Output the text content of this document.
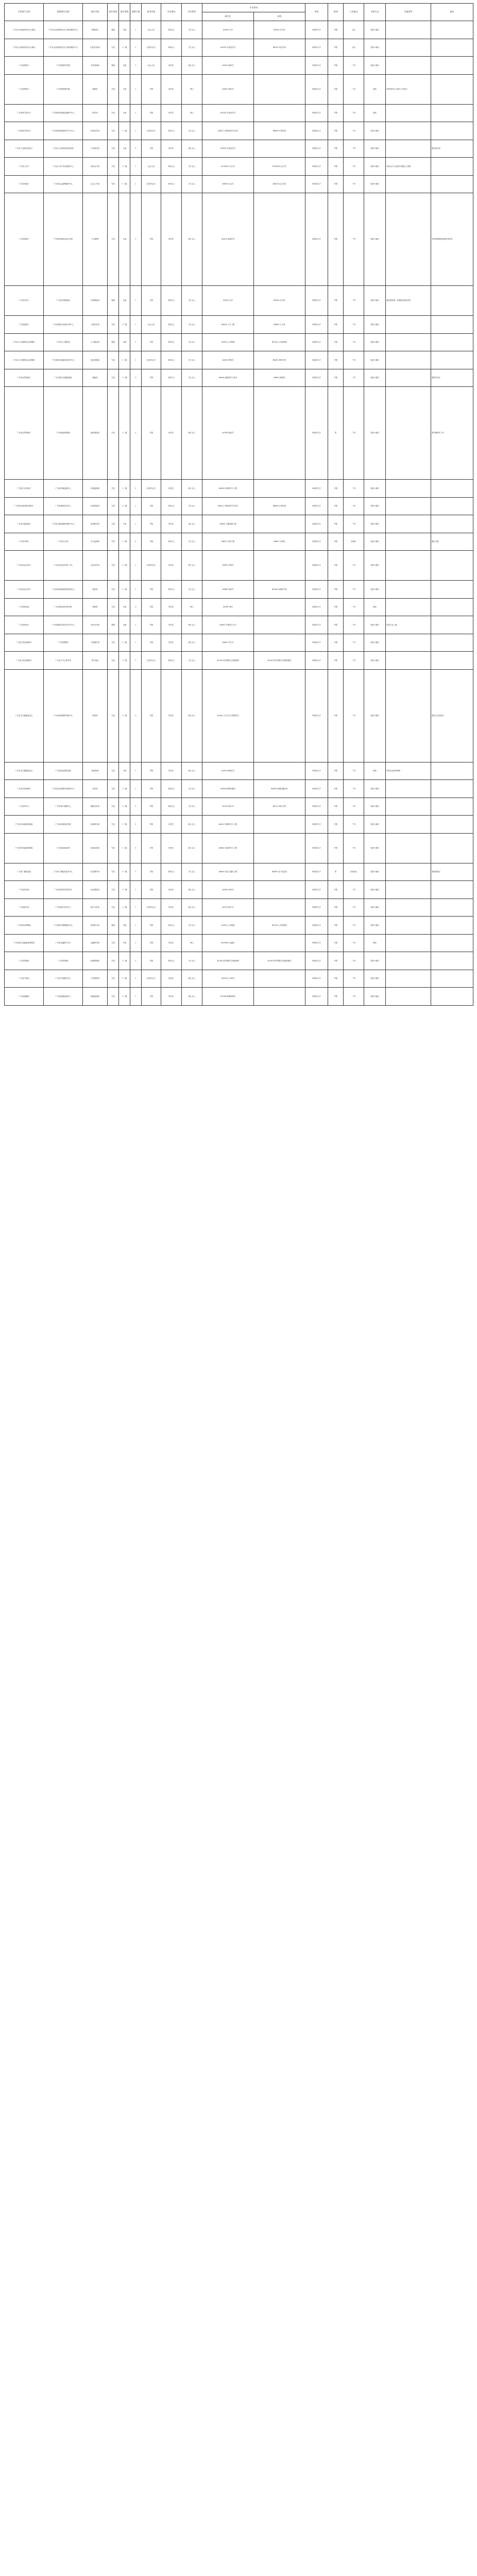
主管部门名称	招聘单位名称	岗位名称	岗位类别	岗位等级	招聘人数	招考对象	学历要求	学位要求	专业要求		年龄	性别	工作地点	考试方式	其他条件	备注
									研究生	本科						
广东省人民政府驻北京办事处	广东省人民政府驻北京办事处服务中心	管理岗位	管理	九级	1	社会人员	本科以上	学士以上	A0301 法学	B0301 法学类	35周岁以下	不限	北京	笔试+面试		
广东省人民政府驻北京办事处	广东省人民政府驻北京办事处服务中心	专业技术岗位	专技	十二级	1	应届毕业生	本科以上	学士以上	A0202 应用经济学	B0201 经济学类	30周岁以下	不限	北京	笔试+面试		
广东省教育厅	广东省教育考试院	考务管理岗	管理	九级	2	社会人员	研究生	硕士以上	A0401 教育学		35周岁以下	不限	广州	笔试+面试		
广东省教育厅	广东省教育研究院	教研岗	专技	十级	1	不限	研究生	博士	A0401 教育学		40周岁以下	不限	广州	面试	具有两年以上相关工作经历	
广东省科学技术厅	广东省科技创新监测研究中心	研究岗	专技	十级	1	不限	研究生	博士	A0202 应用经济学		40周岁以下	不限	广州	面试		
广东省科学技术厅	广东省科技基础条件平台中心	信息技术岗	专技	十二级	1	应届毕业生	本科以上	学士以上	A0812 计算机科学与技术	B0809 计算机类	30周岁以下	不限	广州	笔试+面试		
广东省工业和信息化厅	广东省工业和信息化研究院	产业研究岗	专技	十级	2	不限	研究生	硕士以上	A0202 应用经济学		35周岁以下	不限	广州	笔试+面试		需经常出差
广东省公安厅	广东省公安厅机关服务中心	财务会计岗	专技	十二级	1	社会人员	本科以上	学士以上	A120201 会计学	B120203 会计学	35周岁以下	不限	广州	笔试+面试	具有会计专业技术初级以上资格	
广东省民政厅	广东省社会福利服务中心	社会工作岗	专技	十二级	1	应届毕业生	本科以上	学士以上	A0303 社会学	B0303 社会学类	30周岁以下	不限	广州	笔试+面试		
广东省民政厅	广东省民政职业技术学校	专业教师	专技	十级	2	不限	研究生	硕士以上	A1002 临床医学		35周岁以下	不限	广州	笔试+面试		具有高校教师资格证者优先
广东省司法厅	广东省法律援助局	法律援助岗	管理	九级	1	不限	本科以上	学士以上	A0301 法学	B0301 法学类	35周岁以下	不限	广州	笔试+面试	通过国家统一法律职业资格考试	
广东省财政厅	广东省财政厅财政评审中心	工程评审岗	专技	十二级	1	社会人员	本科以上	学士以上	A0814 土木工程	B0810 土木类	35周岁以下	不限	广州	笔试+面试		
广东省人力资源和社会保障厅	广东省人才服务局	人才服务岗	管理	九级	2	不限	本科以上	学士以上	A1204 公共管理	B1204 公共管理类	35周岁以下	不限	广州	笔试+面试		
广东省人力资源和社会保障厅	广东省职业技能鉴定指导中心	鉴定管理岗	专技	十二级	1	应届毕业生	本科以上	学士以上	A0401 教育学	B0401 教育学类	30周岁以下	不限	广州	笔试+面试		
广东省自然资源厅	广东省国土资源测绘院	测绘岗	专技	十二级	3	不限	本科以上	学士以上	A0816 测绘科学与技术	B0812 测绘类	35周岁以下	不限	广州	笔试+面试		需野外作业
广东省自然资源厅	广东省地质调查院	地质调查岗	专技	十二级	2	不限	研究生	硕士以上	A0709 地质学		35周岁以下	男	广州	笔试+面试		需长期野外工作
广东省生态环境厅	广东省环境监测中心	环境监测岗	专技	十二级	2	应届毕业生	研究生	硕士以上	A0830 环境科学与工程		30周岁以下	不限	广州	笔试+面试		
广东省住房和城乡建设厅	广东省建设信息中心	信息系统岗	专技	十二级	1	不限	本科以上	学士以上	A0812 计算机科学与技术	B0809 计算机类	35周岁以下	不限	广州	笔试+面试		
广东省交通运输厅	广东省交通运输规划研究中心	规划研究岗	专技	十级	1	不限	研究生	硕士以上	A0823 交通运输工程		35周岁以下	不限	广州	笔试+面试		
广东省水利厅	广东省水文局	水文监测岗	专技	十二级	4	不限	本科以上	学士以上	A0815 水利工程	B0811 水利类	35周岁以下	不限	各地市	笔试+面试		服从分配
广东省农业农村厅	广东省农业技术推广中心	农业技术岗	专技	十二级	2	应届毕业生	研究生	硕士以上	A0901 作物学		30周岁以下	不限	广州	笔试+面试		
广东省农业农村厅	广东省动物疫病预防控制中心	兽医岗	专技	十二级	2	不限	本科以上	学士以上	A0906 兽医学	B0904 动物医学类	35周岁以下	不限	广州	笔试+面试		
广东省林业局	广东省林业科学研究院	科研岗	专技	十级	3	不限	研究生	博士	A0907 林学		40周岁以下	不限	广州	面试		
广东省商务厅	广东省国际经济技术合作中心	外经合作岗	管理	九级	1	不限	研究生	硕士以上	A0502 外国语言文学		35周岁以下	不限	广州	笔试+面试	英语专业八级	
广东省文化和旅游厅	广东省博物馆	文物保护岗	专技	十二级	1	不限	研究生	硕士以上	A0601 考古学		35周岁以下	不限	广州	笔试+面试		
广东省文化和旅游厅	广东省立中山图书馆	图书馆员	专技	十二级	2	应届毕业生	本科以上	学士以上	A1205 图书情报与档案管理	B1205 图书情报与档案管理类	30周岁以下	不限	广州	笔试+面试		
广东省卫生健康委员会	广东省疾病预防控制中心	疾控岗	专技	十二级	3	不限	研究生	硕士以上	A1004 公共卫生与预防医学		35周岁以下	不限	广州	笔试+面试		需参与应急值守
广东省卫生健康委员会	广东省职业病防治院	临床医师	专技	十级	2	不限	研究生	硕士以上	A1002 临床医学		35周岁以下	不限	广州	面试	具有执业医师资格	
广东省应急管理厅	广东省应急管理宣传教育中心	宣传岗	专技	十二级	1	不限	本科以上	学士以上	A0503 新闻传播学	B0503 新闻传播学类	35周岁以下	不限	广州	笔试+面试		
广东省审计厅	广东省审计数据中心	数据分析岗	专技	十二级	2	不限	本科以上	学士以上	A0714 统计学	B0711 统计学类	35周岁以下	不限	广州	笔试+面试		
广东省市场监督管理局	广东省标准化研究院	标准研究岗	专技	十二级	2	不限	研究生	硕士以上	A0811 控制科学与工程		35周岁以下	不限	广州	笔试+面试		
广东省市场监督管理局	广东省食品检验所	食品检验岗	专技	十二级	3	不限	研究生	硕士以上	A0832 食品科学与工程		35周岁以下	不限	广州	笔试+面试		
广东省广播电视局	广东省广播电视技术中心	技术维护岗	专技	十二级	2	不限	本科以上	学士以上	A0810 信息与通信工程	B0807 电子信息类	35周岁以下	男	各发射台	笔试+面试		需轮班值守
广东省体育局	广东省体育科学研究所	运动康复岗	专技	十二级	1	不限	研究生	硕士以上	A0403 体育学		35周岁以下	不限	广州	笔试+面试		
广东省统计局	广东省统计信息中心	统计分析岗	专技	十二级	1	应届毕业生	研究生	硕士以上	A0714 统计学		30周岁以下	不限	广州	笔试+面试		
广东省医疗保障局	广东省医疗保障服务中心	医保经办岗	管理	九级	2	不限	本科以上	学士以上	A1204 公共管理	B1204 公共管理类	35周岁以下	不限	广州	笔试+面试		
广东省地方金融监督管理局	广东省金融研究中心	金融研究岗	专技	十级	1	不限	研究生	博士	A020204 金融学		40周岁以下	不限	广州	面试		
广东省档案馆	广东省档案馆	档案管理岗	专技	十二级	2	不限	本科以上	学士以上	A1205 图书情报与档案管理	B1205 图书情报与档案管理类	35周岁以下	不限	广州	笔试+面试		
广东省气象局	广东省气象服务中心	气象预报岗	专技	十二级	2	应届毕业生	研究生	硕士以上	A0706 大气科学		30周岁以下	不限	广州	笔试+面试		
广东省地震局	广东省地震监测中心	地震监测岗	专技	十二级	1	不限	研究生	硕士以上	A0708 地球物理学		35周岁以下	不限	广州	笔试+面试		
